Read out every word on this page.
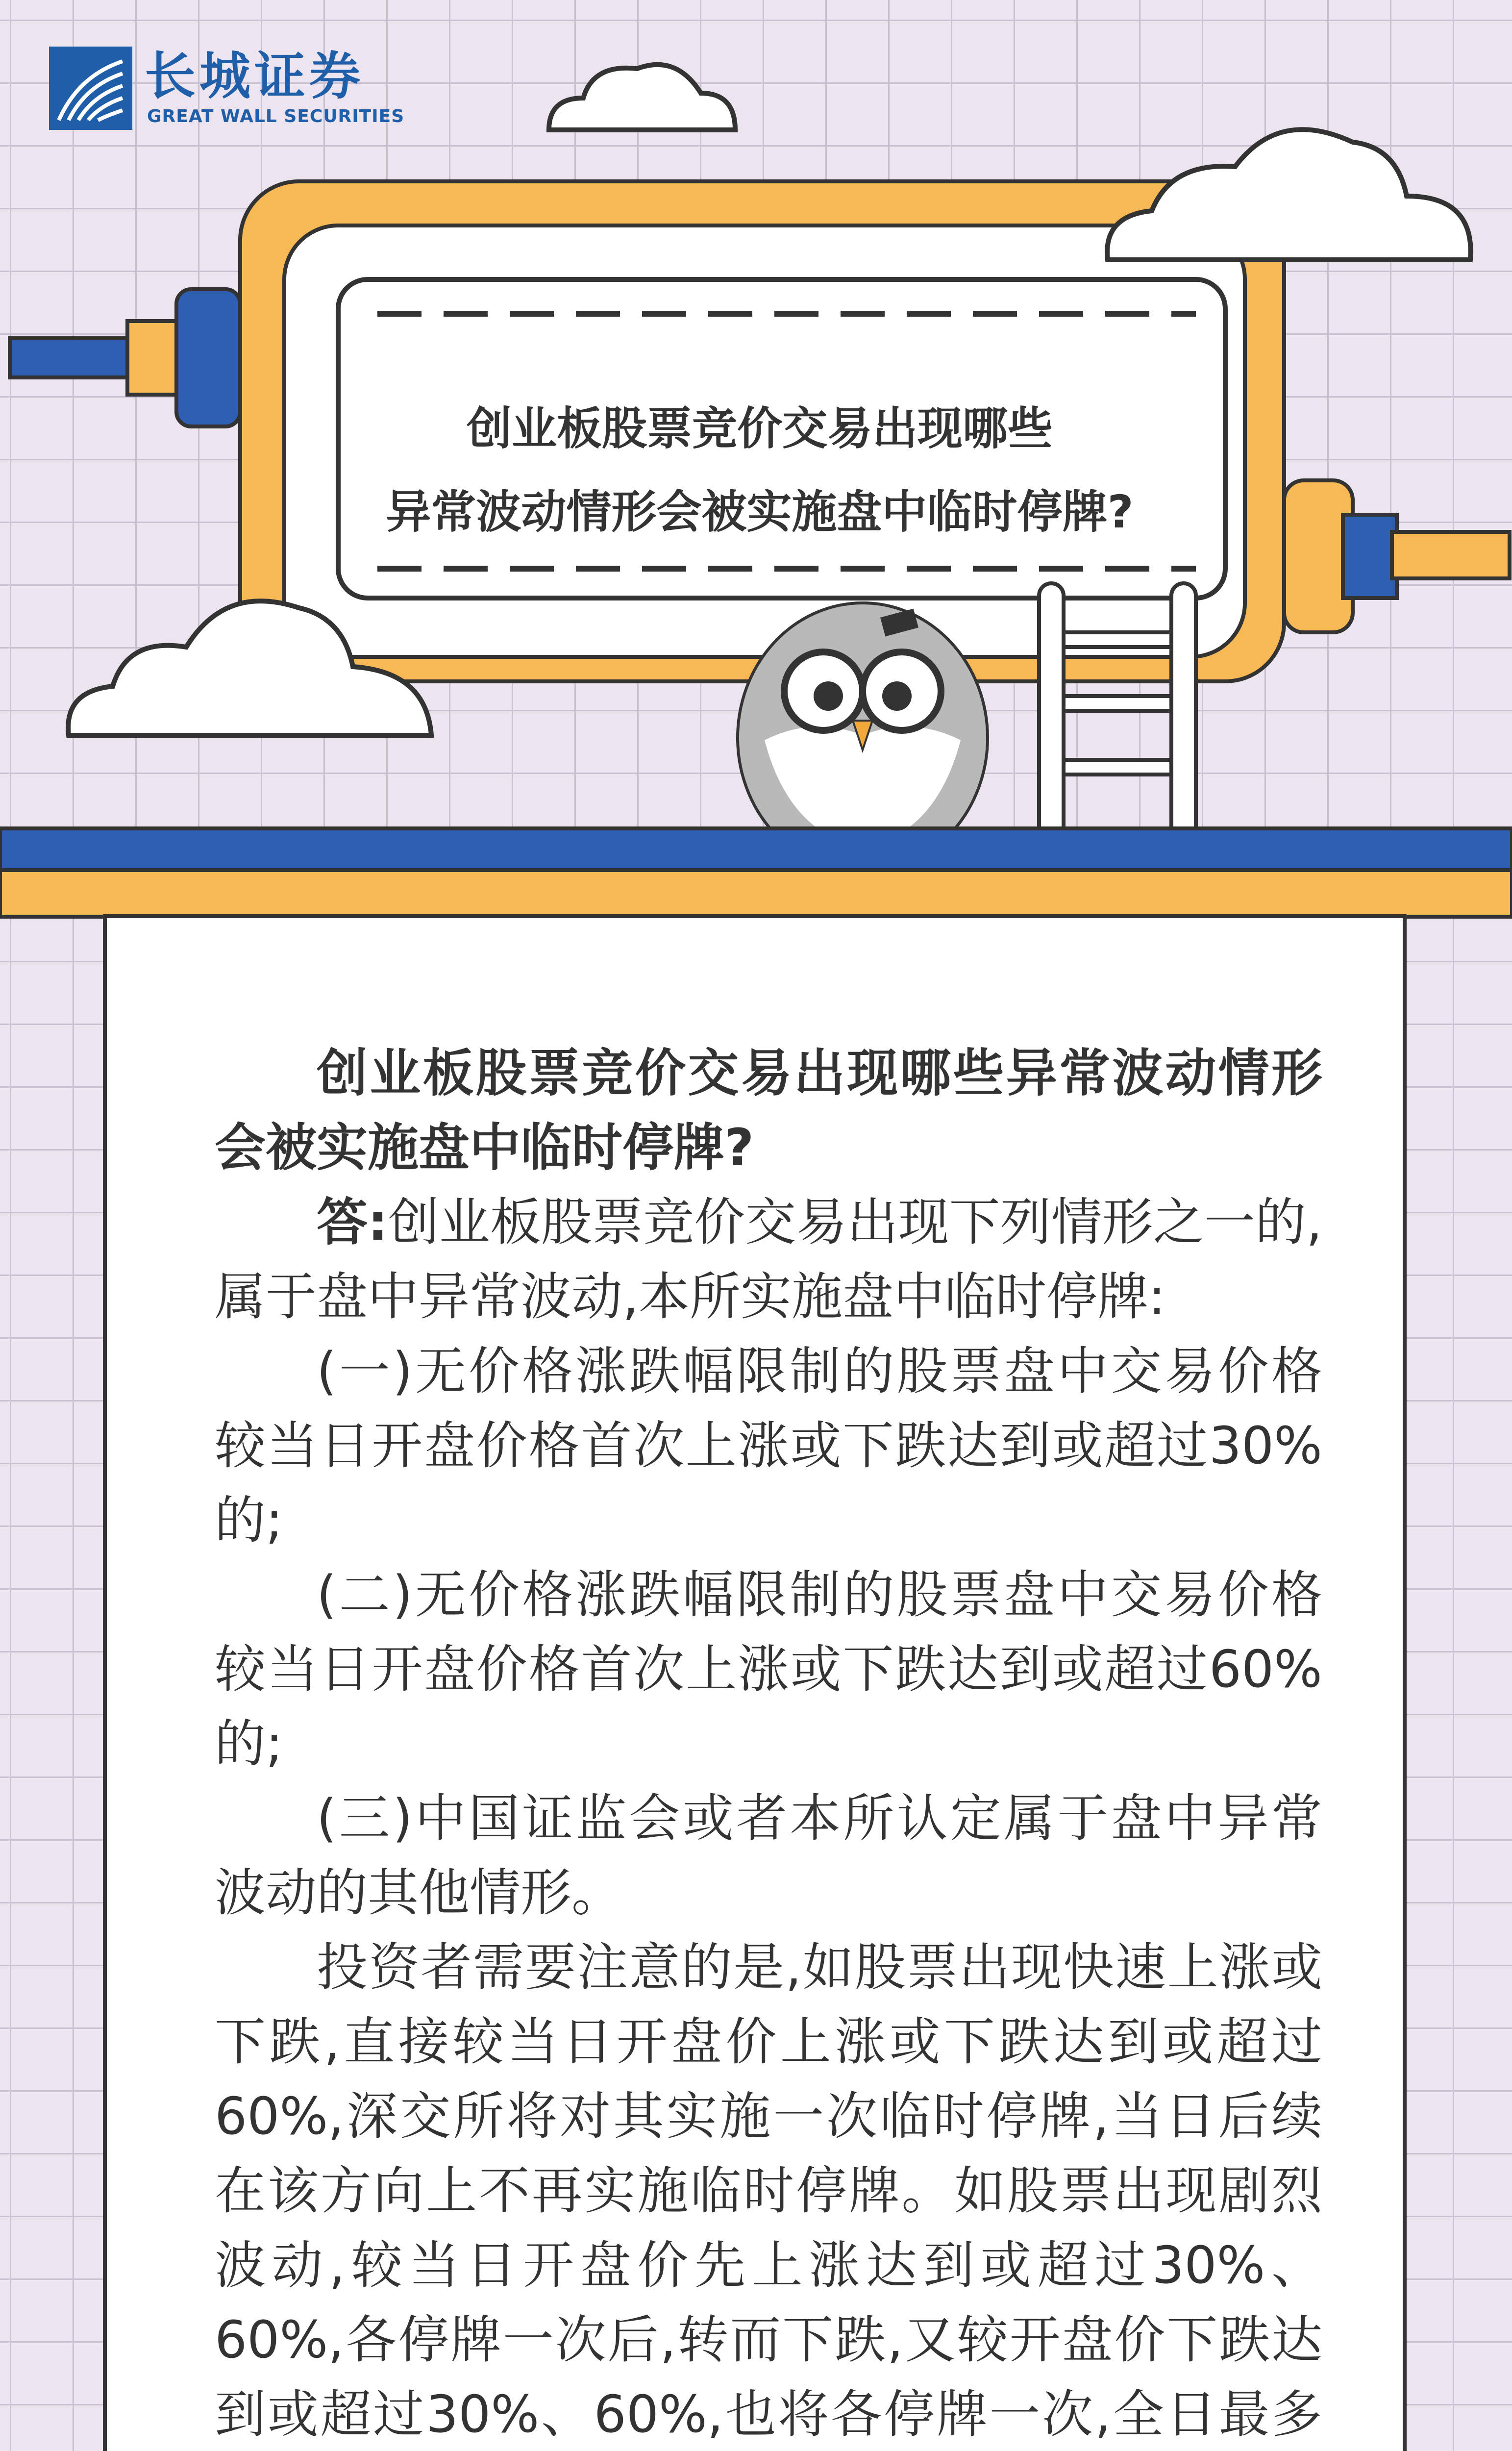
长城证券
GREAT WALL SECURITIES
创业板股票竞价交易出现哪些
异常波动情形会被实施盘中临时停牌?

创业板股票竞价交易出现哪些异常波动情形会被实施盘中临时停牌?

答:创业板股票竞价交易出现下列情形之一的,属于盘中异常波动,本所实施盘中临时停牌:

(一)无价格涨跌幅限制的股票盘中交易价格较当日开盘价格首次上涨或下跌达到或超过30%的;

(二)无价格涨跌幅限制的股票盘中交易价格较当日开盘价格首次上涨或下跌达到或超过60%的;

(三)中国证监会或者本所认定属于盘中异常波动的其他情形。

投资者需要注意的是,如股票出现快速上涨或下跌,直接较当日开盘价上涨或下跌达到或超过60%,深交所将对其实施一次临时停牌,当日后续在该方向上不再实施临时停牌。如股票出现剧烈波动,较当日开盘价先上涨达到或超过30%、60%,各停牌一次后,转而下跌,又较开盘价下跌达到或超过30%、60%,也将各停牌一次,全日最多
